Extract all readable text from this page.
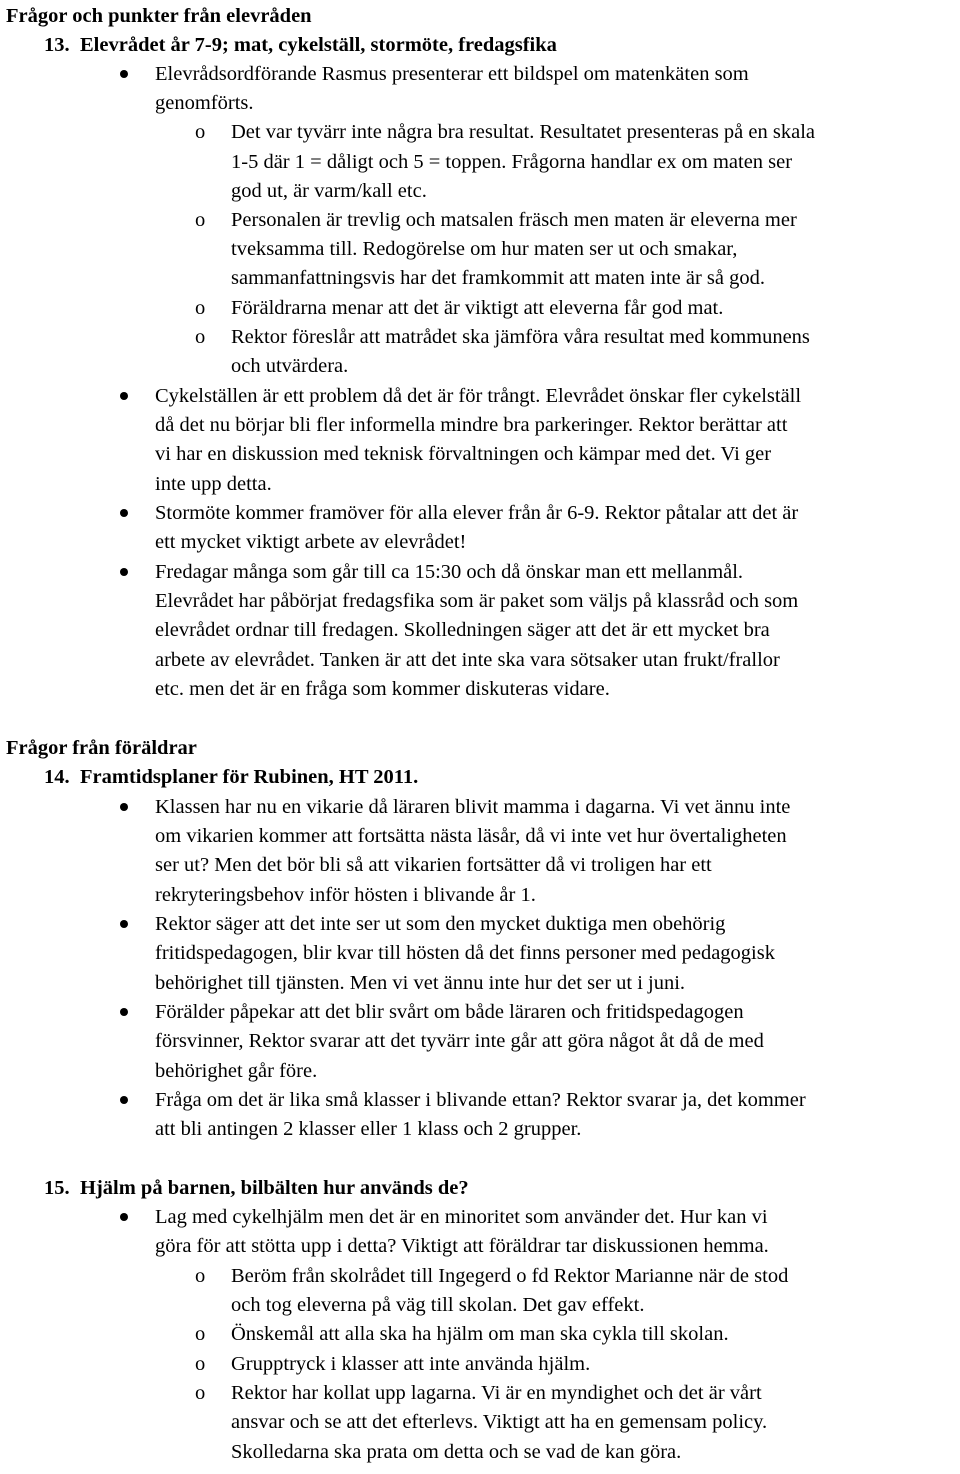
Frågor och punkter från elevråden
13. Elevrådet år 7-9; mat, cykelställ, stormöte, fredagsfika
Elevrådsordförande Rasmus presenterar ett bildspel om matenkäten som
genomförts.
o Det var tyvärr inte några bra resultat. Resultatet presenteras på en skala
1-5 där 1 = dåligt och 5 = toppen. Frågorna handlar ex om maten ser
god ut, är varm/kall etc.
o Personalen är trevlig och matsalen fräsch men maten är eleverna mer
tveksamma till. Redogörelse om hur maten ser ut och smakar,
sammanfattningsvis har det framkommit att maten inte är så god.
o Föräldrarna menar att det är viktigt att eleverna får god mat.
o Rektor föreslår att matrådet ska jämföra våra resultat med kommunens
och utvärdera.
Cykelställen är ett problem då det är för trångt. Elevrådet önskar fler cykelställ
då det nu börjar bli fler informella mindre bra parkeringer. Rektor berättar att
vi har en diskussion med teknisk förvaltningen och kämpar med det. Vi ger
inte upp detta.
Stormöte kommer framöver för alla elever från år 6-9. Rektor påtalar att det är
ett mycket viktigt arbete av elevrådet!
Fredagar många som går till ca 15:30 och då önskar man ett mellanmål.
Elevrådet har påbörjat fredagsfika som är paket som väljs på klassråd och som
elevrådet ordnar till fredagen. Skolledningen säger att det är ett mycket bra
arbete av elevrådet. Tanken är att det inte ska vara sötsaker utan frukt/frallor
etc. men det är en fråga som kommer diskuteras vidare.
Frågor från föräldrar
14. Framtidsplaner för Rubinen, HT 2011.
Klassen har nu en vikarie då läraren blivit mamma i dagarna. Vi vet ännu inte
om vikarien kommer att fortsätta nästa läsår, då vi inte vet hur övertaligheten
ser ut? Men det bör bli så att vikarien fortsätter då vi troligen har ett
rekryteringsbehov inför hösten i blivande år 1.
Rektor säger att det inte ser ut som den mycket duktiga men obehörig
fritidspedagogen, blir kvar till hösten då det finns personer med pedagogisk
behörighet till tjänsten. Men vi vet ännu inte hur det ser ut i juni.
Förälder påpekar att det blir svårt om både läraren och fritidspedagogen
försvinner, Rektor svarar att det tyvärr inte går att göra något åt då de med
behörighet går före.
Fråga om det är lika små klasser i blivande ettan? Rektor svarar ja, det kommer
att bli antingen 2 klasser eller 1 klass och 2 grupper.
15. Hjälm på barnen, bilbälten hur används de?
Lag med cykelhjälm men det är en minoritet som använder det. Hur kan vi
göra för att stötta upp i detta? Viktigt att föräldrar tar diskussionen hemma.
o Beröm från skolrådet till Ingegerd o fd Rektor Marianne när de stod
och tog eleverna på väg till skolan. Det gav effekt.
o Önskemål att alla ska ha hjälm om man ska cykla till skolan.
o Grupptryck i klasser att inte använda hjälm.
o Rektor har kollat upp lagarna. Vi är en myndighet och det är vårt
ansvar och se att det efterlevs. Viktigt att ha en gemensam policy.
Skolledarna ska prata om detta och se vad de kan göra.
